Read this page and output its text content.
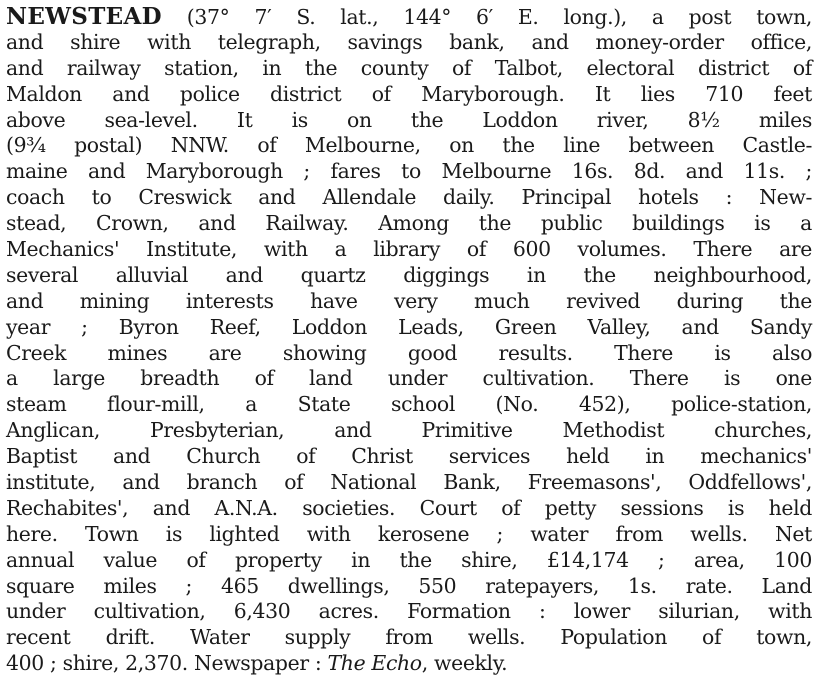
NEWSTEAD (37° 7′ S. lat., 144° 6′ E. long.), a post town,
and shire with telegraph, savings bank, and money-order office,
and railway station, in the county of Talbot, electoral district of
Maldon and police district of Maryborough. It lies 710 feet
above sea-level. It is on the Loddon river, 8½ miles
(9¾ postal) NNW. of Melbourne, on the line between Castle-
maine and Maryborough ; fares to Melbourne 16s. 8d. and 11s. ;
coach to Creswick and Allendale daily. Principal hotels : New-
stead, Crown, and Railway. Among the public buildings is a
Mechanics' Institute, with a library of 600 volumes. There are
several alluvial and quartz diggings in the neighbourhood,
and mining interests have very much revived during the
year ; Byron Reef, Loddon Leads, Green Valley, and Sandy
Creek mines are showing good results. There is also
a large breadth of land under cultivation. There is one
steam flour-mill, a State school (No. 452), police-station,
Anglican, Presbyterian, and Primitive Methodist churches,
Baptist and Church of Christ services held in mechanics'
institute, and branch of National Bank, Freemasons', Oddfellows',
Rechabites', and A.N.A. societies. Court of petty sessions is held
here. Town is lighted with kerosene ; water from wells. Net
annual value of property in the shire, £14,174 ; area, 100
square miles ; 465 dwellings, 550 ratepayers, 1s. rate. Land
under cultivation, 6,430 acres. Formation : lower silurian, with
recent drift. Water supply from wells. Population of town,
400 ; shire, 2,370. Newspaper : The Echo, weekly.
